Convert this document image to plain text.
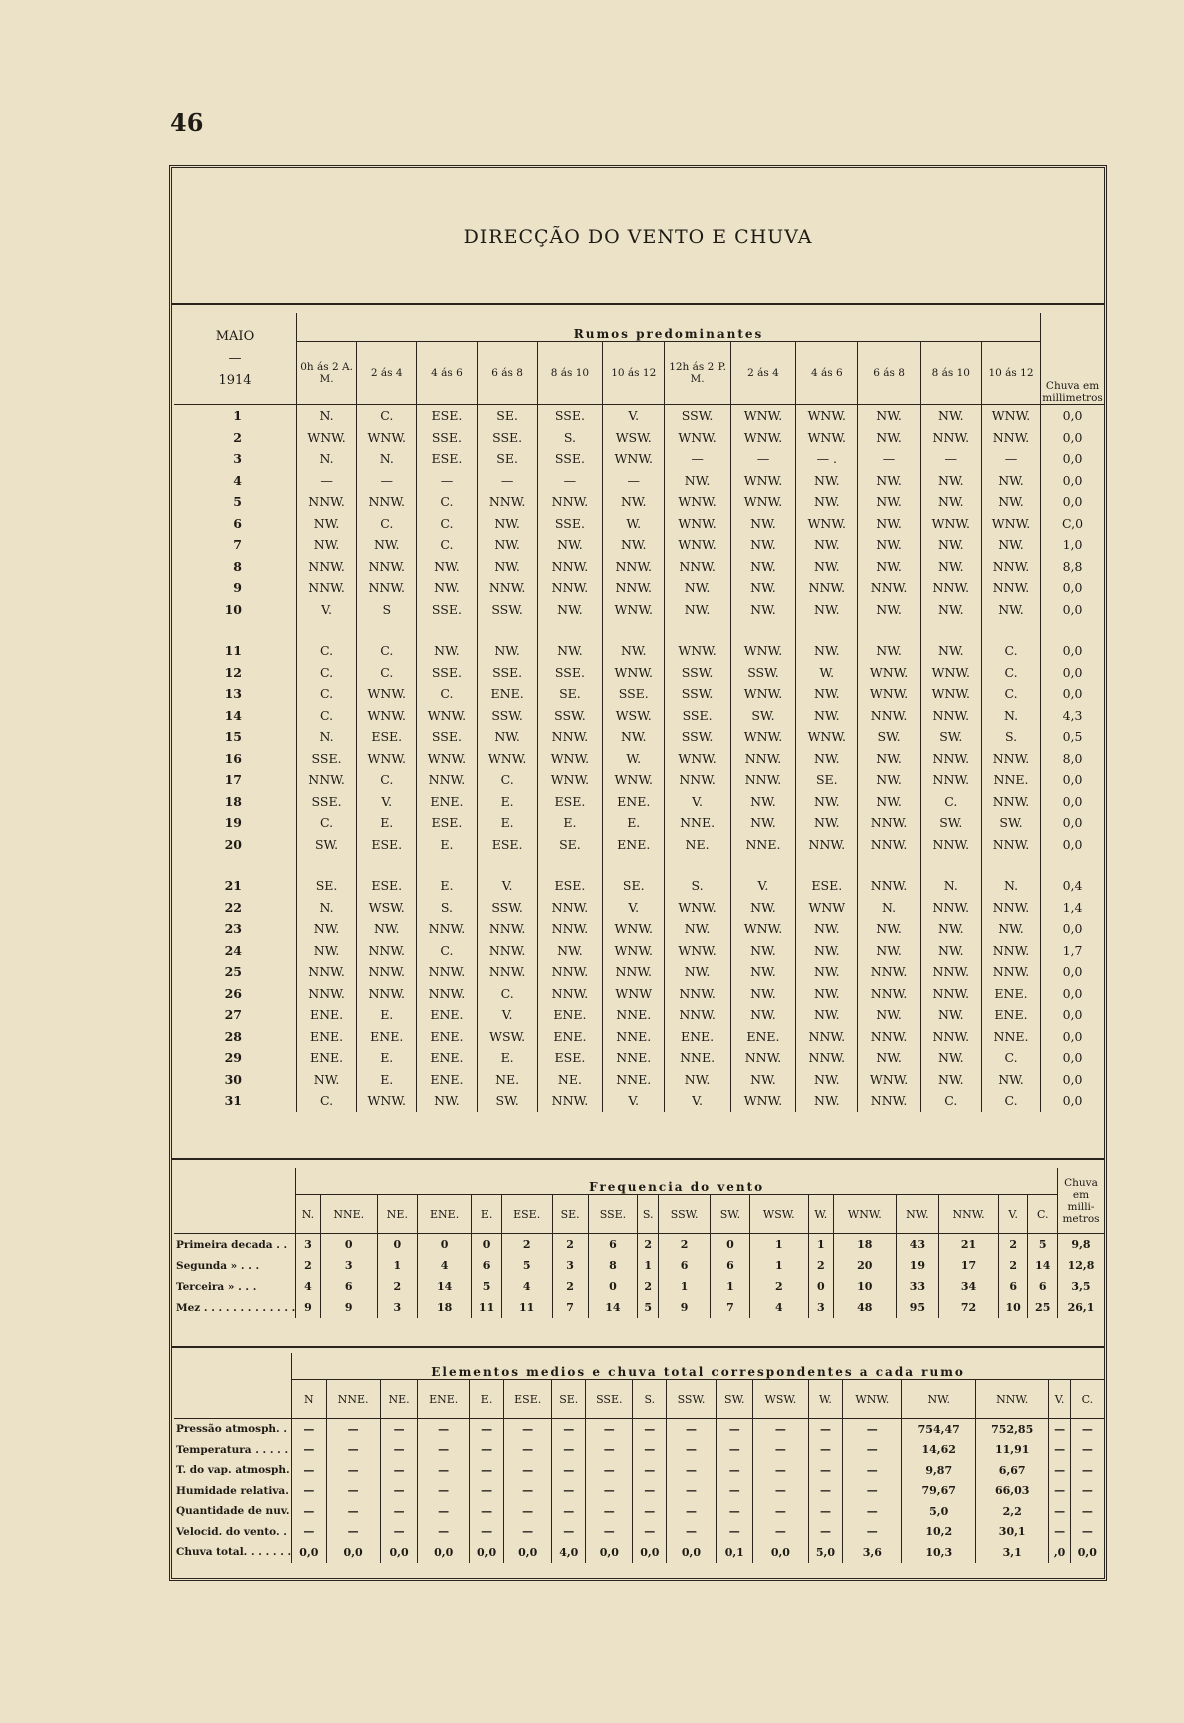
46
DIRECÇÃO DO VENTO E CHUVA
MAIO
—
1914	Rumos predominantes												Chuva em millimetros
	0h ás 2 A. M.	2 ás 4	4 ás 6	6 ás 8	8 ás 10	10 ás 12	12h ás 2 P. M.	2 ás 4	4 ás 6	6 ás 8	8 ás 10	10 ás 12	
1	N.	C.	ESE.	SE.	SSE.	V.	SSW.	WNW.	WNW.	NW.	NW.	WNW.	0,0
2	WNW.	WNW.	SSE.	SSE.	S.	WSW.	WNW.	WNW.	WNW.	NW.	NNW.	NNW.	0,0
3	N.	N.	ESE.	SE.	SSE.	WNW.	—	—	— .	—	—	—	0,0
4	—	—	—	—	—	—	NW.	WNW.	NW.	NW.	NW.	NW.	0,0
5	NNW.	NNW.	C.	NNW.	NNW.	NW.	WNW.	WNW.	NW.	NW.	NW.	NW.	0,0
6	NW.	C.	C.	NW.	SSE.	W.	WNW.	NW.	WNW.	NW.	WNW.	WNW.	C,0
7	NW.	NW.	C.	NW.	NW.	NW.	WNW.	NW.	NW.	NW.	NW.	NW.	1,0
8	NNW.	NNW.	NW.	NW.	NNW.	NNW.	NNW.	NW.	NW.	NW.	NW.	NNW.	8,8
9	NNW.	NNW.	NW.	NNW.	NNW.	NNW.	NW.	NW.	NNW.	NNW.	NNW.	NNW.	0,0
10	V.	S	SSE.	SSW.	NW.	WNW.	NW.	NW.	NW.	NW.	NW.	NW.	0,0

11	C.	C.	NW.	NW.	NW.	NW.	WNW.	WNW.	NW.	NW.	NW.	C.	0,0
12	C.	C.	SSE.	SSE.	SSE.	WNW.	SSW.	SSW.	W.	WNW.	WNW.	C.	0,0
13	C.	WNW.	C.	ENE.	SE.	SSE.	SSW.	WNW.	NW.	WNW.	WNW.	C.	0,0
14	C.	WNW.	WNW.	SSW.	SSW.	WSW.	SSE.	SW.	NW.	NNW.	NNW.	N.	4,3
15	N.	ESE.	SSE.	NW.	NNW.	NW.	SSW.	WNW.	WNW.	SW.	SW.	S.	0,5
16	SSE.	WNW.	WNW.	WNW.	WNW.	W.	WNW.	NNW.	NW.	NW.	NNW.	NNW.	8,0
17	NNW.	C.	NNW.	C.	WNW.	WNW.	NNW.	NNW.	SE.	NW.	NNW.	NNE.	0,0
18	SSE.	V.	ENE.	E.	ESE.	ENE.	V.	NW.	NW.	NW.	C.	NNW.	0,0
19	C.	E.	ESE.	E.	E.	E.	NNE.	NW.	NW.	NNW.	SW.	SW.	0,0
20	SW.	ESE.	E.	ESE.	SE.	ENE.	NE.	NNE.	NNW.	NNW.	NNW.	NNW.	0,0

21	SE.	ESE.	E.	V.	ESE.	SE.	S.	V.	ESE.	NNW.	N.	N.	0,4
22	N.	WSW.	S.	SSW.	NNW.	V.	WNW.	NW.	WNW	N.	NNW.	NNW.	1,4
23	NW.	NW.	NNW.	NNW.	NNW.	WNW.	NW.	WNW.	NW.	NW.	NW.	NW.	0,0
24	NW.	NNW.	C.	NNW.	NW.	WNW.	WNW.	NW.	NW.	NW.	NW.	NNW.	1,7
25	NNW.	NNW.	NNW.	NNW.	NNW.	NNW.	NW.	NW.	NW.	NNW.	NNW.	NNW.	0,0
26	NNW.	NNW.	NNW.	C.	NNW.	WNW	NNW.	NW.	NW.	NNW.	NNW.	ENE.	0,0
27	ENE.	E.	ENE.	V.	ENE.	NNE.	NNW.	NW.	NW.	NW.	NW.	ENE.	0,0
28	ENE.	ENE.	ENE.	WSW.	ENE.	NNE.	ENE.	ENE.	NNW.	NNW.	NNW.	NNE.	0,0
29	ENE.	E.	ENE.	E.	ESE.	NNE.	NNE.	NNW.	NNW.	NW.	NW.	C.	0,0
30	NW.	E.	ENE.	NE.	NE.	NNE.	NW.	NW.	NW.	WNW.	NW.	NW.	0,0
31	C.	WNW.	NW.	SW.	NNW.	V.	V.	WNW.	NW.	NNW.	C.	C.	0,0
	Frequencia do vento																		Chuva em milli-metros
	N.	NNE.	NE.	ENE.	E.	ESE.	SE.	SSE.	S.	SSW.	SW.	WSW.	W.	WNW.	NW.	NNW.	V.	C.	
Primeira decada . .	3	0	0	0	0	2	2	6	2	2	0	1	1	18	43	21	2	5	9,8
Segunda » . . .	2	3	1	4	6	5	3	8	1	6	6	1	2	20	19	17	2	14	12,8
Terceira » . . .	4	6	2	14	5	4	2	0	2	1	1	2	0	10	33	34	6	6	3,5
Mez . . . . . . . . . . . . .	9	9	3	18	11	11	7	14	5	9	7	4	3	48	95	72	10	25	26,1
	Elementos medios e chuva total correspondentes a cada rumo																	
	N	NNE.	NE.	ENE.	E.	ESE.	SE.	SSE.	S.	SSW.	SW.	WSW.	W.	WNW.	NW.	NNW.	V.	C.
Pressão atmosph. .	—	—	—	—	—	—	—	—	—	—	—	—	—	—	754,47	752,85	—	—
Temperatura . . . . .	—	—	—	—	—	—	—	—	—	—	—	—	—	—	14,62	11,91	—	—
T. do vap. atmosph.	—	—	—	—	—	—	—	—	—	—	—	—	—	—	9,87	6,67	—	—
Humidade relativa.	—	—	—	—	—	—	—	—	—	—	—	—	—	—	79,67	66,03	—	—
Quantidade de nuv.	—	—	—	—	—	—	—	—	—	—	—	—	—	—	5,0	2,2	—	—
Velocid. do vento. .	—	—	—	—	—	—	—	—	—	—	—	—	—	—	10,2	30,1	—	—
Chuva total. . . . . . .	0,0	0,0	0,0	0,0	0,0	0,0	4,0	0,0	0,0	0,0	0,1	0,0	5,0	3,6	10,3	3,1	,0	0,0
